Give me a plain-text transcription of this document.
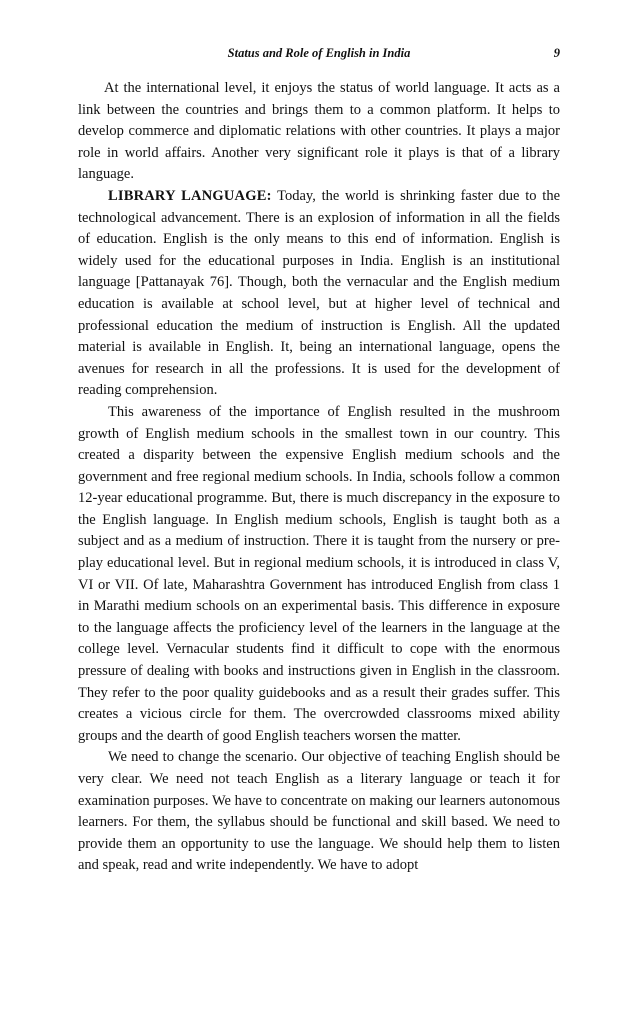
Status and Role of English in India	9

At the international level, it enjoys the status of world language. It acts as a link between the countries and brings them to a common platform. It helps to develop commerce and diplomatic relations with other countries. It plays a major role in world affairs. Another very significant role it plays is that of a library language.

LIBRARY LANGUAGE: Today, the world is shrinking faster due to the technological advancement. There is an explosion of information in all the fields of education. English is the only means to this end of information. English is widely used for the educational purposes in India. English is an institutional language [Pattanayak 76]. Though, both the vernacular and the English medium education is available at school level, but at higher level of technical and professional education the medium of instruction is English. All the updated material is available in English. It, being an international language, opens the avenues for research in all the professions. It is used for the development of reading comprehension.

This awareness of the importance of English resulted in the mushroom growth of English medium schools in the smallest town in our country. This created a disparity between the expensive English medium schools and the government and free regional medium schools. In India, schools follow a common 12-year educational programme. But, there is much discrepancy in the exposure to the English language. In English medium schools, English is taught both as a subject and as a medium of instruction. There it is taught from the nursery or pre-play educational level. But in regional medium schools, it is introduced in class V, VI or VII. Of late, Maharashtra Government has introduced English from class 1 in Marathi medium schools on an experimental basis. This difference in exposure to the language affects the proficiency level of the learners in the language at the college level. Vernacular students find it difficult to cope with the enormous pressure of dealing with books and instructions given in English in the classroom. They refer to the poor quality guidebooks and as a result their grades suffer. This creates a vicious circle for them. The overcrowded classrooms mixed ability groups and the dearth of good English teachers worsen the matter.

We need to change the scenario. Our objective of teaching English should be very clear. We need not teach English as a literary language or teach it for examination purposes. We have to concentrate on making our learners autonomous learners. For them, the syllabus should be functional and skill based. We need to provide them an opportunity to use the language. We should help them to listen and speak, read and write independently. We have to adopt
